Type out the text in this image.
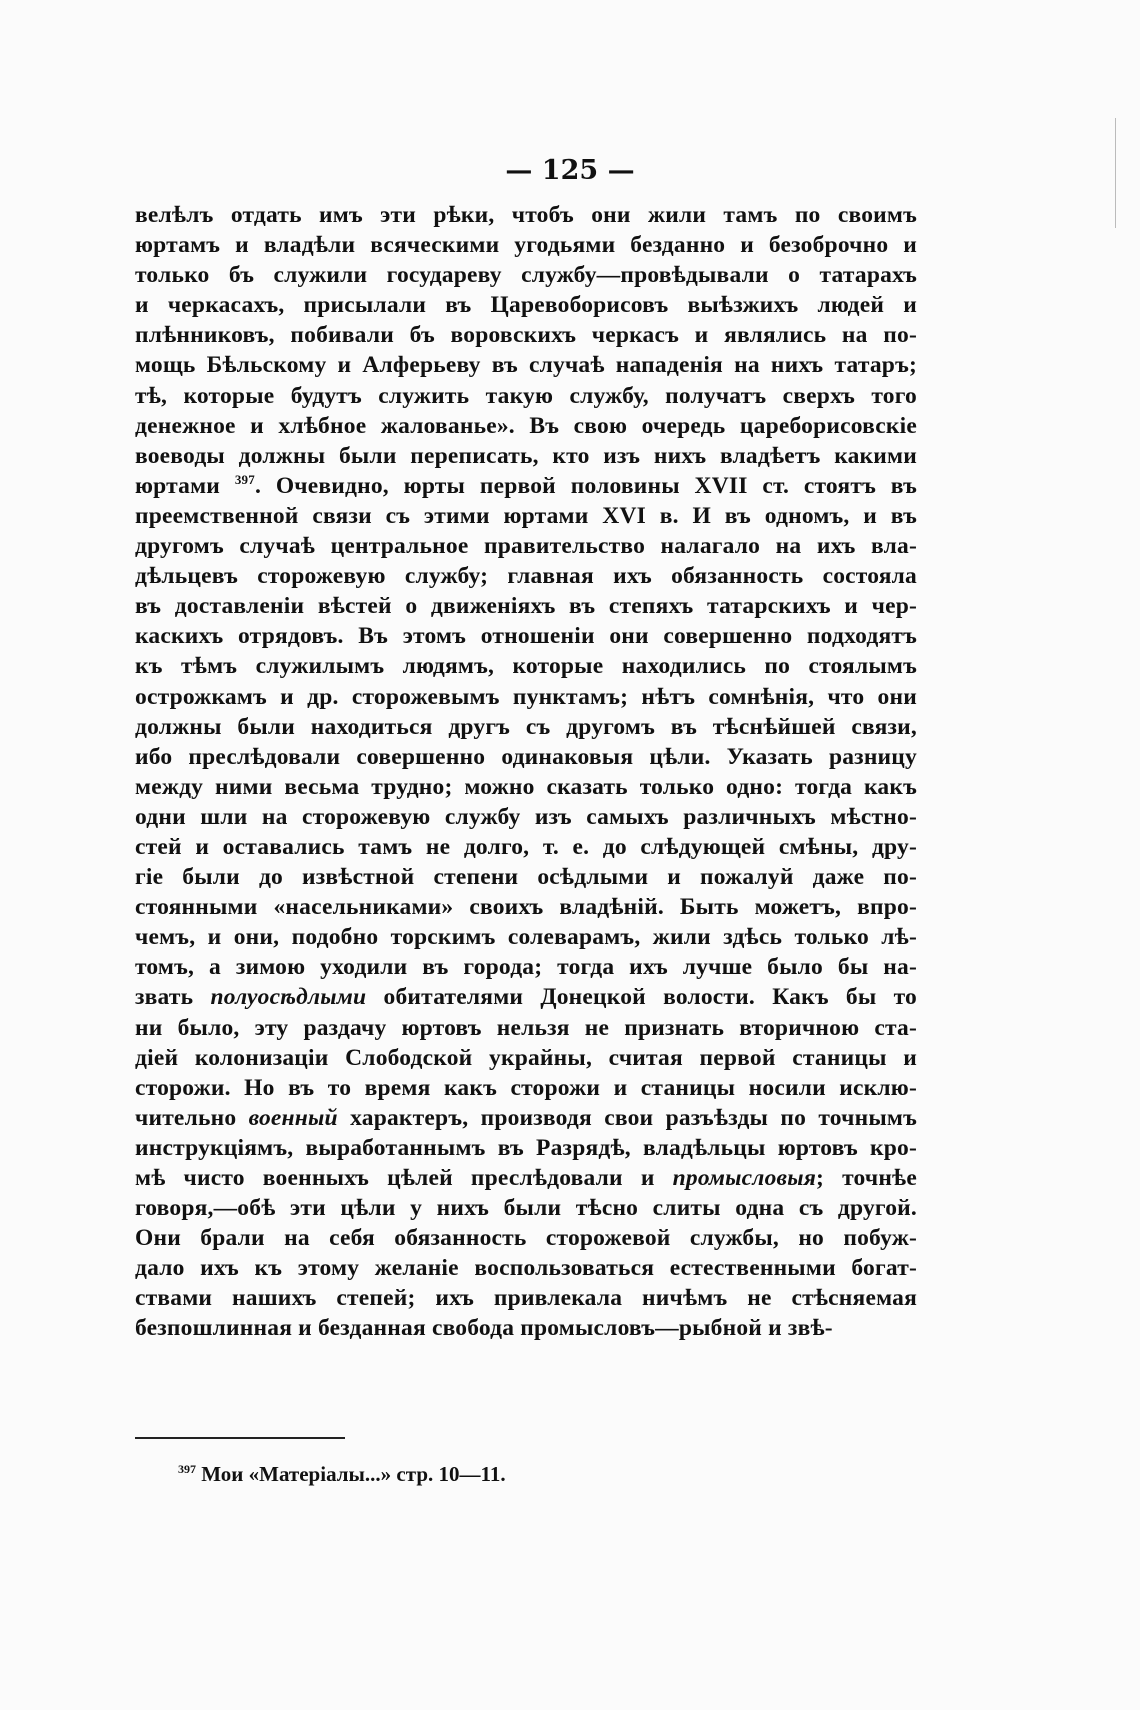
— 125 —
велѣлъ отдать имъ эти рѣки, чтобъ они жили тамъ по своимъ
юртамъ и владѣли всяческими угодьями безданно и безоброчно и
только бъ служили государеву службу—провѣдывали о татарахъ
и черкасахъ, присылали въ Царевоборисовъ выѣзжихъ людей и
плѣнниковъ, побивали бъ воровскихъ черкасъ и являлись на по-
мощь Бѣльскому и Алферьеву въ случаѣ нападенія на нихъ татаръ;
тѣ, которые будутъ служить такую службу, получатъ сверхъ того
денежное и хлѣбное жалованье». Въ свою очередь цареборисовскіе
воеводы должны были переписать, кто изъ нихъ владѣетъ какими
юртами $^{397}$. Очевидно, юрты первой половины XVII ст. стоятъ въ
преемственной связи съ этими юртами XVI в. И въ одномъ, и въ
другомъ случаѣ центральное правительство налагало на ихъ вла-
дѣльцевъ сторожевую службу; главная ихъ обязанность состояла
въ доставленіи вѣстей о движеніяхъ въ степяхъ татарскихъ и чер-
каскихъ отрядовъ. Въ этомъ отношеніи они совершенно подходятъ
къ тѣмъ служилымъ людямъ, которые находились по стоялымъ
острожкамъ и др. сторожевымъ пунктамъ; нѣтъ сомнѣнія, что они
должны были находиться другъ съ другомъ въ тѣснѣйшей связи,
ибо преслѣдовали совершенно одинаковыя цѣли. Указать разницу
между ними весьма трудно; можно сказать только одно: тогда какъ
одни шли на сторожевую службу изъ самыхъ различныхъ мѣстно-
стей и оставались тамъ не долго, т. е. до слѣдующей смѣны, дру-
гіе были до извѣстной степени осѣдлыми и пожалуй даже по-
стоянными «насельниками» своихъ владѣній. Быть можетъ, впро-
чемъ, и они, подобно торскимъ солеварамъ, жили здѣсь только лѣ-
томъ, а зимою уходили въ города; тогда ихъ лучше было бы на-
звать полуосѣдлыми обитателями Донецкой волости. Какъ бы то
ни было, эту раздачу юртовъ нельзя не признать вторичною ста-
діей колонизаціи Слободской украйны, считая первой станицы и
сторожи. Но въ то время какъ сторожи и станицы носили исклю-
чительно военный характеръ, производя свои разъѣзды по точнымъ
инструкціямъ, выработаннымъ въ Разрядѣ, владѣльцы юртовъ кро-
мѣ чисто военныхъ цѣлей преслѣдовали и промысловыя; точнѣе
говоря,—обѣ эти цѣли у нихъ были тѣсно слиты одна съ другой.
Они брали на себя обязанность сторожевой службы, но побуж-
дало ихъ къ этому желаніе воспользоваться естественными богат-
ствами нашихъ степей; ихъ привлекала ничѣмъ не стѣсняемая
безпошлинная и безданная свобода промысловъ—рыбной и звѣ-
$^{397}$ Мои «Матеріалы...» стр. 10—11.
